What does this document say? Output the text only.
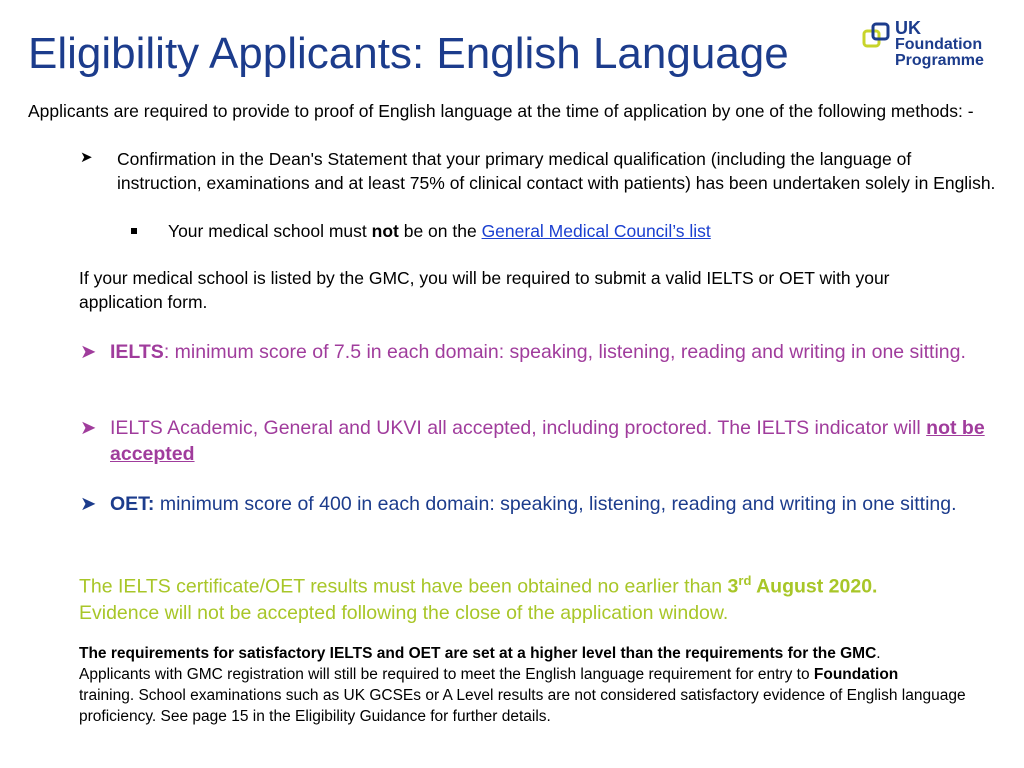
Eligibility Applicants: English Language
UK
Foundation
Programme
Applicants are required to provide to proof of English language at the time of application by one of the following methods: -
➤ Confirmation in the Dean's Statement that your primary medical qualification (including the language of instruction, examinations and at least 75% of clinical contact with patients) has been undertaken solely in English.
Your medical school must not be on the General Medical Council’s list
If your medical school is listed by the GMC, you will be required to submit a valid IELTS or OET with your application form.
➤ IELTS: minimum score of 7.5 in each domain: speaking, listening, reading and writing in one sitting.
➤ IELTS Academic, General and UKVI all accepted, including proctored. The IELTS indicator will not be accepted
➤ OET: minimum score of 400 in each domain: speaking, listening, reading and writing in one sitting.
The IELTS certificate/OET results must have been obtained no earlier than 3rd August 2020.
Evidence will not be accepted following the close of the application window.
The requirements for satisfactory IELTS and OET are set at a higher level than the requirements for the GMC.
Applicants with GMC registration will still be required to meet the English language requirement for entry to Foundation
training. School examinations such as UK GCSEs or A Level results are not considered satisfactory evidence of English language proficiency. See page 15 in the Eligibility Guidance for further details.
